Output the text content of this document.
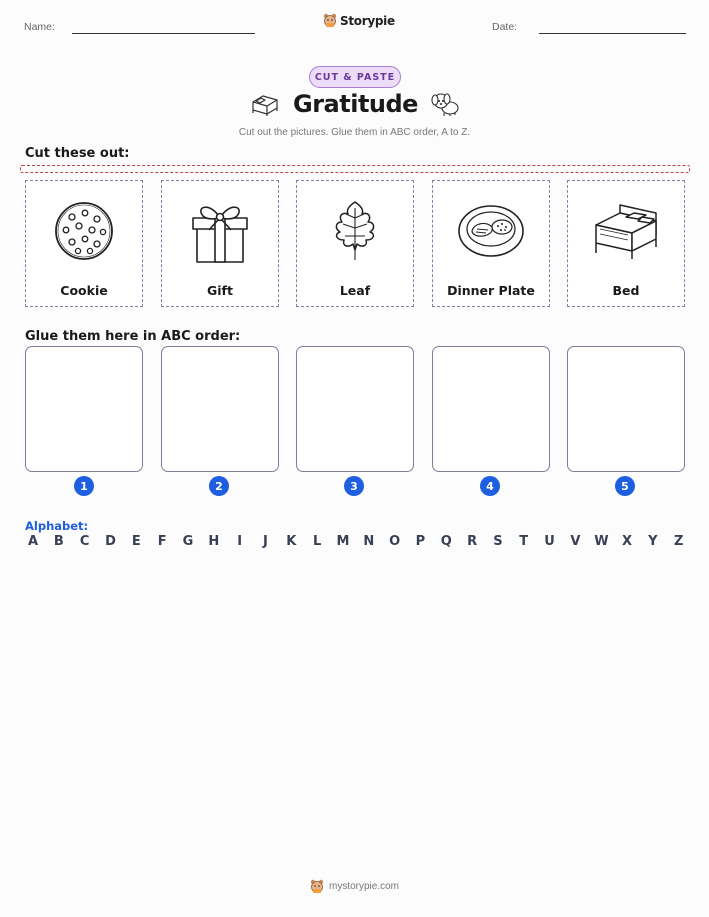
Name:	Storypie	Date:
CUT & PASTE
Gratitude
Cut out the pictures. Glue them in ABC order, A to Z.
Cut these out:
Cookie	Gift	Leaf	Dinner Plate	Bed
Glue them here in ABC order:
1	2	3	4	5
Alphabet:
A B C D E F G H	I	J	K L M N O P Q R S T U V W X Y Z
mystorypie.com
